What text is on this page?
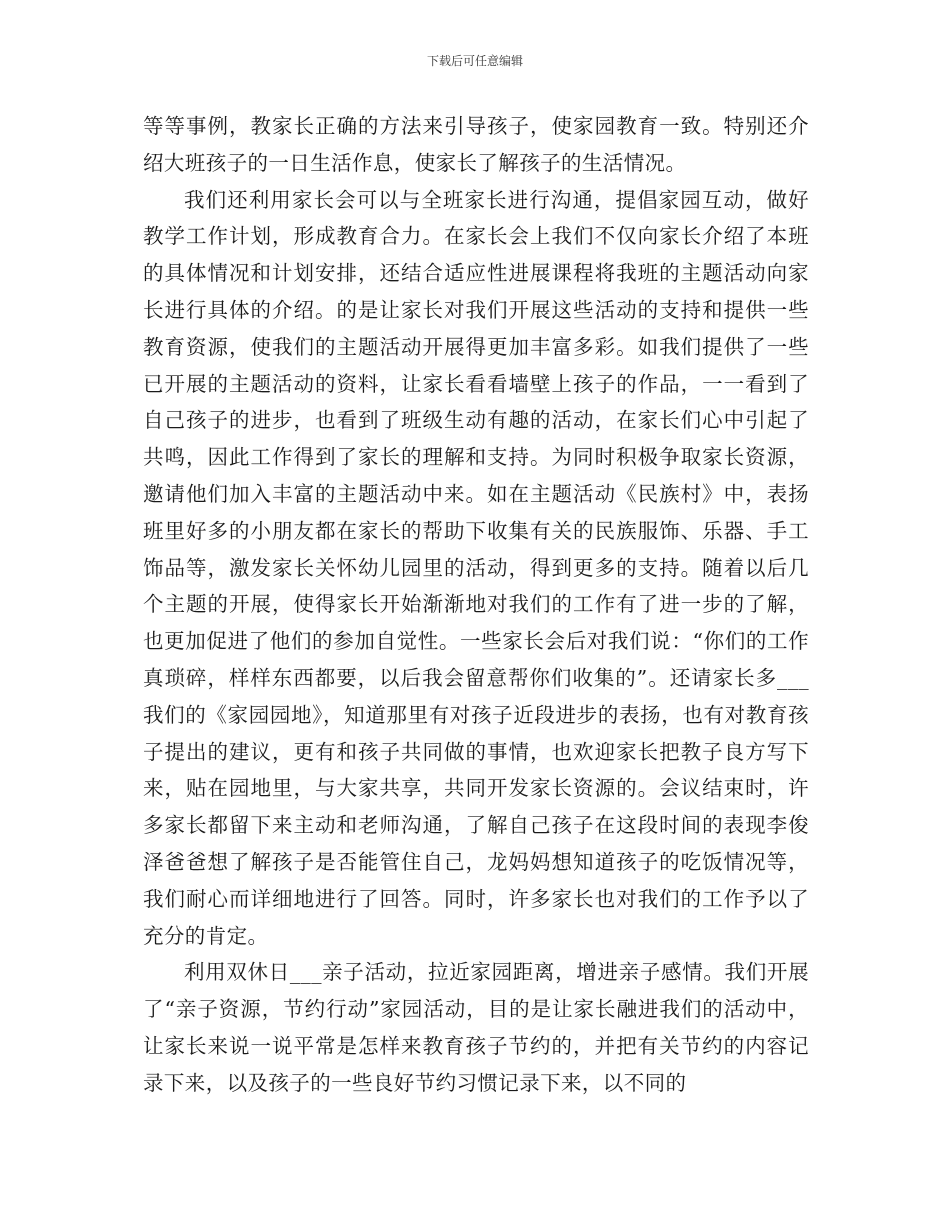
下载后可任意编辑

等等事例，教家长正确的方法来引导孩子，使家园教育一致。特别还介绍大班孩子的一日生活作息，使家长了解孩子的生活情况。

我们还利用家长会可以与全班家长进行沟通，提倡家园互动，做好教学工作计划，形成教育合力。在家长会上我们不仅向家长介绍了本班的具体情况和计划安排，还结合适应性进展课程将我班的主题活动向家长进行具体的介绍。的是让家长对我们开展这些活动的支持和提供一些教育资源，使我们的主题活动开展得更加丰富多彩。如我们提供了一些已开展的主题活动的资料，让家长看看墙壁上孩子的作品，一一看到了自己孩子的进步，也看到了班级生动有趣的活动，在家长们心中引起了共鸣，因此工作得到了家长的理解和支持。为同时积极争取家长资源，邀请他们加入丰富的主题活动中来。如在主题活动《民族村》中，表扬班里好多的小朋友都在家长的帮助下收集有关的民族服饰、乐器、手工饰品等，激发家长关怀幼儿园里的活动，得到更多的支持。随着以后几个主题的开展，使得家长开始渐渐地对我们的工作有了进一步的了解，也更加促进了他们的参加自觉性。一些家长会后对我们说：“你们的工作真琐碎，样样东西都要，以后我会留意帮你们收集的”。还请家长多___我们的《家园园地》，知道那里有对孩子近段进步的表扬，也有对教育孩子提出的建议，更有和孩子共同做的事情，也欢迎家长把教子良方写下来，贴在园地里，与大家共享，共同开发家长资源的。会议结束时，许多家长都留下来主动和老师沟通，了解自己孩子在这段时间的表现李俊泽爸爸想了解孩子是否能管住自己，龙妈妈想知道孩子的吃饭情况等，我们耐心而详细地进行了回答。同时，许多家长也对我们的工作予以了充分的肯定。

利用双休日___亲子活动，拉近家园距离，增进亲子感情。我们开展了“亲子资源，节约行动”家园活动，目的是让家长融进我们的活动中，让家长来说一说平常是怎样来教育孩子节约的，并把有关节约的内容记录下来，以及孩子的一些良好节约习惯记录下来，以不同的
